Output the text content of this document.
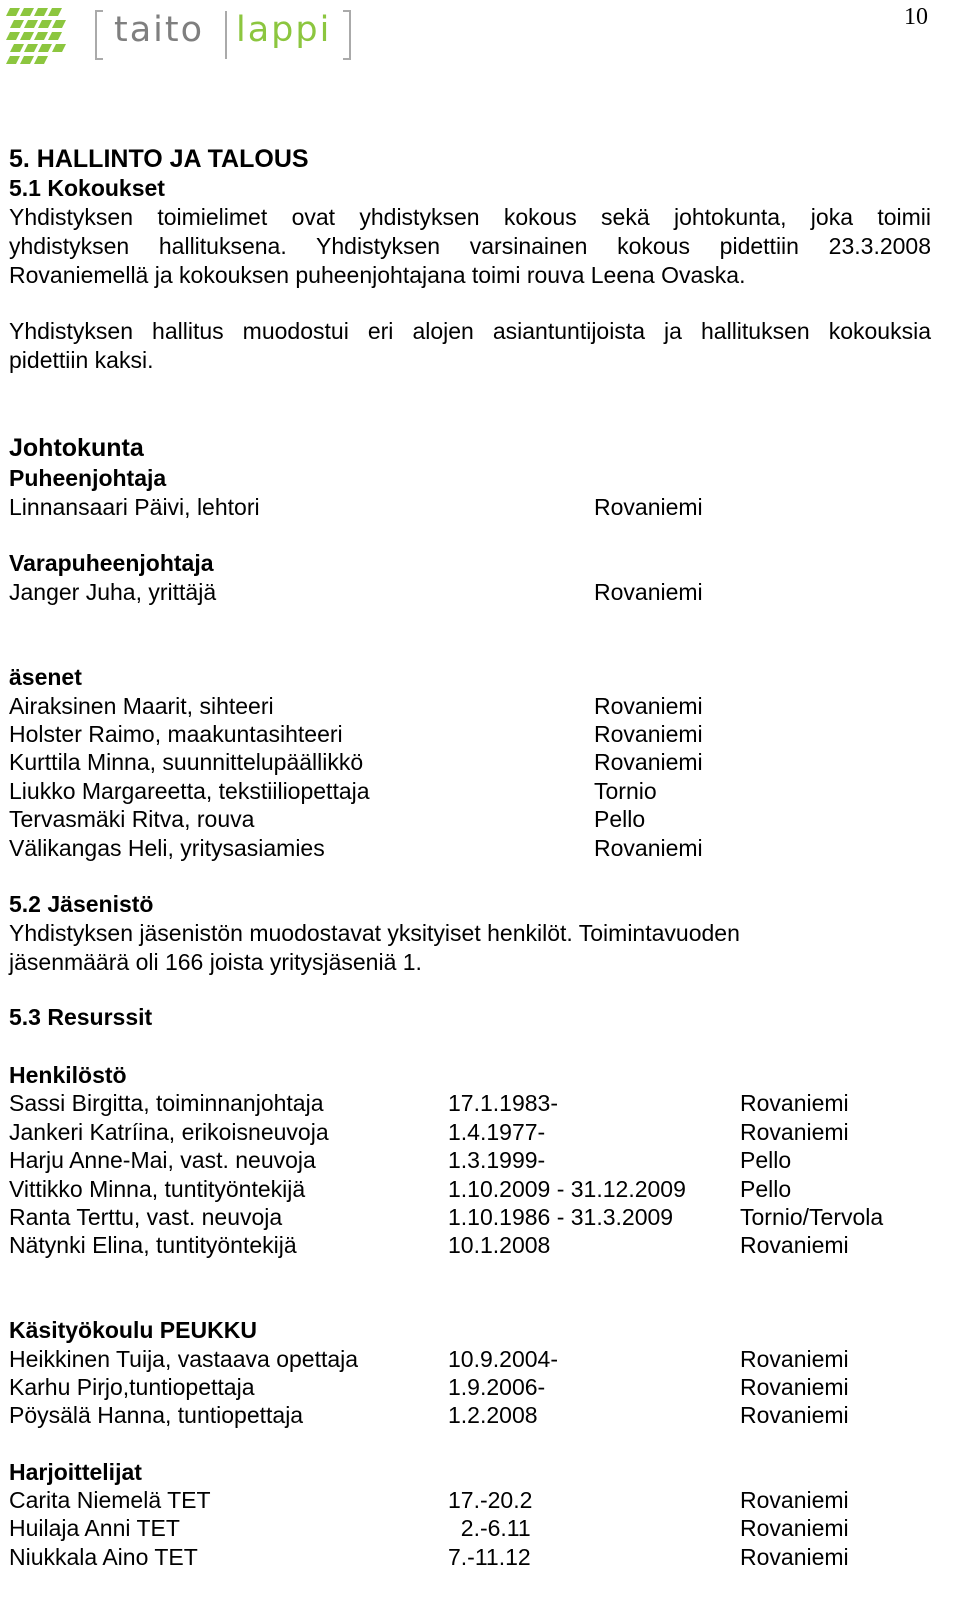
taito lappi	10
5. HALLINTO JA TALOUS
5.1 Kokoukset
Yhdistyksen toimielimet ovat yhdistyksen kokous sekä johtokunta, joka toimii
yhdistyksen hallituksena. Yhdistyksen varsinainen kokous pidettiin 23.3.2008
Rovaniemellä ja kokouksen puheenjohtajana toimi rouva Leena Ovaska.
Yhdistyksen hallitus muodostui eri alojen asiantuntijoista ja hallituksen kokouksia
pidettiin kaksi.
Johtokunta
Puheenjohtaja
Linnansaari Päivi, lehtori	Rovaniemi
Varapuheenjohtaja
Janger Juha, yrittäjä	Rovaniemi
äsenet
Airaksinen Maarit, sihteeri	Rovaniemi
Holster Raimo, maakuntasihteeri	Rovaniemi
Kurttila Minna, suunnittelupäällikkö	Rovaniemi
Liukko Margareetta, tekstiiliopettaja	Tornio
Tervasmäki Ritva, rouva	Pello
Välikangas Heli, yritysasiamies	Rovaniemi
5.2 Jäsenistö
Yhdistyksen jäsenistön muodostavat yksityiset henkilöt. Toimintavuoden
jäsenmäärä oli 166 joista yritysjäseniä 1.
5.3 Resurssit
Henkilöstö
Sassi Birgitta, toiminnanjohtaja	17.1.1983-	Rovaniemi
Jankeri Katríina, erikoisneuvoja	1.4.1977-	Rovaniemi
Harju Anne-Mai, vast. neuvoja	1.3.1999-	Pello
Vittikko Minna, tuntityöntekijä	1.10.2009 - 31.12.2009 Pello
Ranta Terttu, vast. neuvoja	1.10.1986 - 31.3.2009	Tornio/Tervola
Nätynki Elina, tuntityöntekijä	10.1.2008	Rovaniemi
Käsityökoulu PEUKKU
Heikkinen Tuija, vastaava opettaja	10.9.2004-	Rovaniemi
Karhu Pirjo,tuntiopettaja	1.9.2006-	Rovaniemi
Pöysälä Hanna, tuntiopettaja	1.2.2008	Rovaniemi
Harjoittelijat
Carita Niemelä TET	17.-20.2	Rovaniemi
Huilaja Anni TET	2.-6.11	Rovaniemi
Niukkala Aino TET	7.-11.12	Rovaniemi
